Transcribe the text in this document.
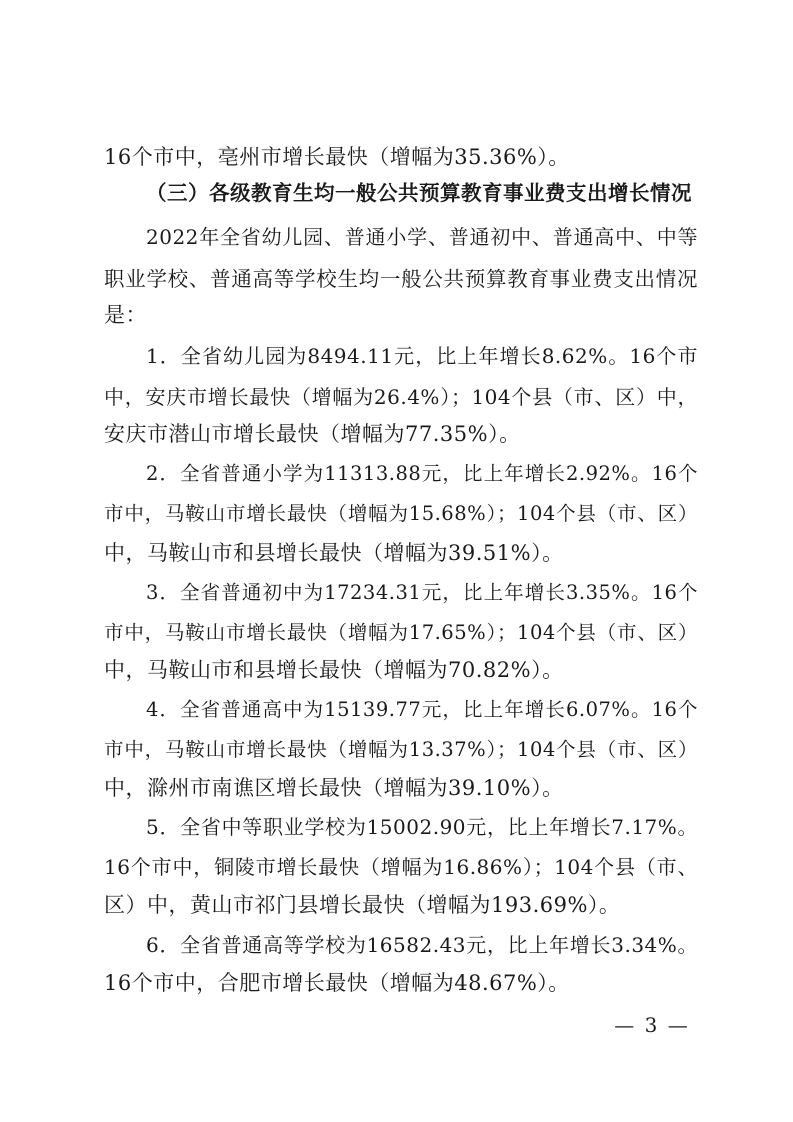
16个市中，亳州市增长最快（增幅为35.36%）。
（三）各级教育生均一般公共预算教育事业费支出增长情况
2022年全省幼儿园、普通小学、普通初中、普通高中、中等
职业学校、普通高等学校生均一般公共预算教育事业费支出情况
是：
1．全省幼儿园为8494.11元，比上年增长8.62%。16个市
中，安庆市增长最快（增幅为26.4%）；104个县（市、区）中，
安庆市潜山市增长最快（增幅为77.35%）。
2．全省普通小学为11313.88元，比上年增长2.92%。16个
市中，马鞍山市增长最快（增幅为15.68%）；104个县（市、区）
中，马鞍山市和县增长最快（增幅为39.51%）。
3．全省普通初中为17234.31元，比上年增长3.35%。16个
市中，马鞍山市增长最快（增幅为17.65%）；104个县（市、区）
中，马鞍山市和县增长最快（增幅为70.82%）。
4．全省普通高中为15139.77元，比上年增长6.07%。16个
市中，马鞍山市增长最快（增幅为13.37%）；104个县（市、区）
中，滁州市南谯区增长最快（增幅为39.10%）。
5．全省中等职业学校为15002.90元，比上年增长7.17%。
16个市中，铜陵市增长最快（增幅为16.86%）；104个县（市、
区）中，黄山市祁门县增长最快（增幅为193.69%）。
6．全省普通高等学校为16582.43元，比上年增长3.34%。
16个市中，合肥市增长最快（增幅为48.67%）。
— 3 —
